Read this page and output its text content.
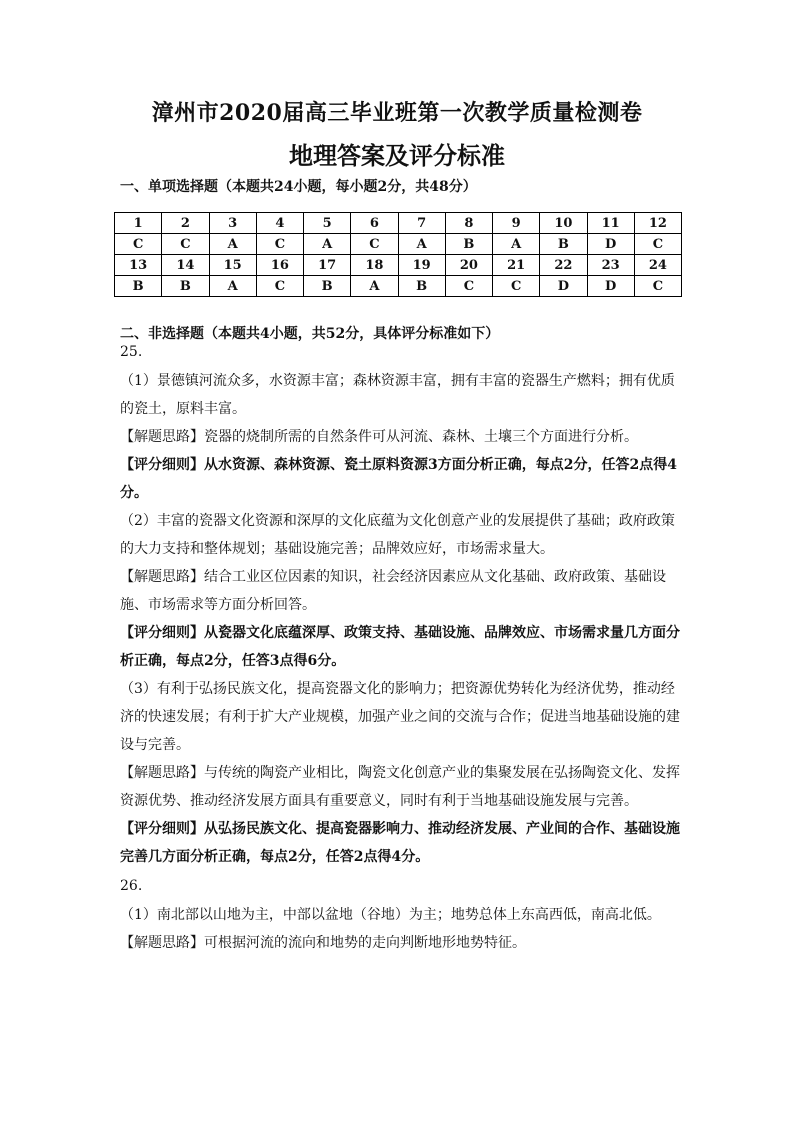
漳州市2020届高三毕业班第一次教学质量检测卷
地理答案及评分标准
一、单项选择题（本题共24小题，每小题2分，共48分）
1	2	3	4	5	6	7	8	9	10	11	12
C	C	A	C	A	C	A	B	A	B	D	C
13	14	15	16	17	18	19	20	21	22	23	24
B	B	A	C	B	A	B	C	C	D	D	C
二、非选择题（本题共4小题，共52分，具体评分标准如下）

25.

（1）景德镇河流众多，水资源丰富；森林资源丰富，拥有丰富的瓷器生产燃料；拥有优质的瓷土，原料丰富。

【解题思路】瓷器的烧制所需的自然条件可从河流、森林、土壤三个方面进行分析。

【评分细则】从水资源、森林资源、瓷土原料资源3方面分析正确，每点2分，任答2点得4分。

（2）丰富的瓷器文化资源和深厚的文化底蕴为文化创意产业的发展提供了基础；政府政策的大力支持和整体规划；基础设施完善；品牌效应好，市场需求量大。

【解题思路】结合工业区位因素的知识，社会经济因素应从文化基础、政府政策、基础设施、市场需求等方面分析回答。

【评分细则】从瓷器文化底蕴深厚、政策支持、基础设施、品牌效应、市场需求量几方面分析正确，每点2分，任答3点得6分。

（3）有利于弘扬民族文化，提高瓷器文化的影响力；把资源优势转化为经济优势，推动经济的快速发展；有利于扩大产业规模，加强产业之间的交流与合作；促进当地基础设施的建设与完善。

【解题思路】与传统的陶瓷产业相比，陶瓷文化创意产业的集聚发展在弘扬陶瓷文化、发挥资源优势、推动经济发展方面具有重要意义，同时有利于当地基础设施发展与完善。

【评分细则】从弘扬民族文化、提高瓷器影响力、推动经济发展、产业间的合作、基础设施完善几方面分析正确，每点2分，任答2点得4分。

26.

（1）南北部以山地为主，中部以盆地（谷地）为主；地势总体上东高西低，南高北低。

【解题思路】可根据河流的流向和地势的走向判断地形地势特征。
